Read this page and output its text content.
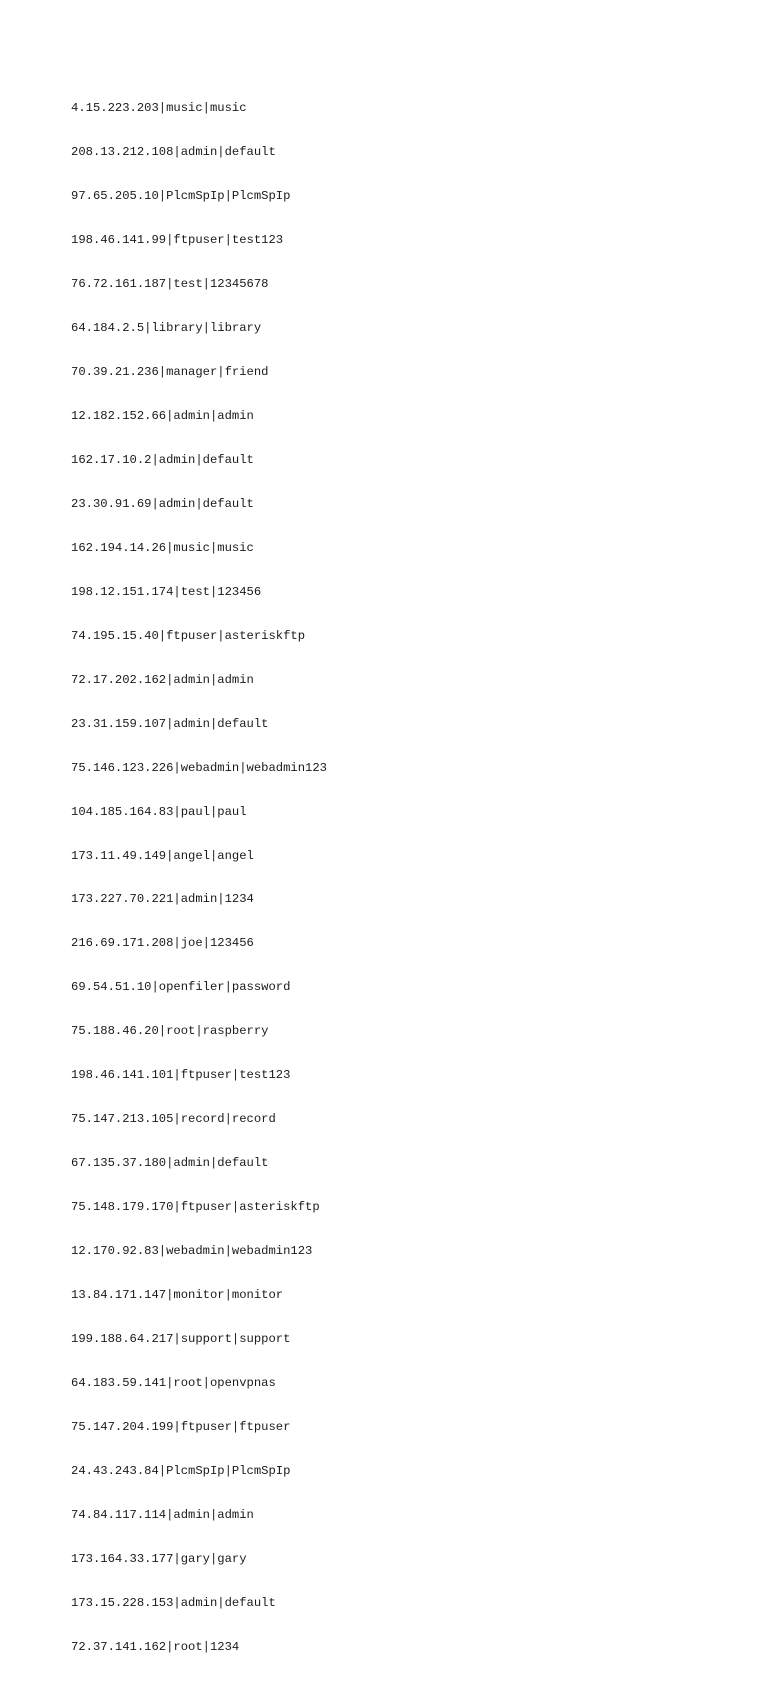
4.15.223.203|music|music

208.13.212.108|admin|default

97.65.205.10|PlcmSpIp|PlcmSpIp

198.46.141.99|ftpuser|test123

76.72.161.187|test|12345678

64.184.2.5|library|library

70.39.21.236|manager|friend

12.182.152.66|admin|admin

162.17.10.2|admin|default

23.30.91.69|admin|default

162.194.14.26|music|music

198.12.151.174|test|123456

74.195.15.40|ftpuser|asteriskftp

72.17.202.162|admin|admin

23.31.159.107|admin|default

75.146.123.226|webadmin|webadmin123

104.185.164.83|paul|paul

173.11.49.149|angel|angel

173.227.70.221|admin|1234

216.69.171.208|joe|123456

69.54.51.10|openfiler|password

75.188.46.20|root|raspberry

198.46.141.101|ftpuser|test123

75.147.213.105|record|record

67.135.37.180|admin|default

75.148.179.170|ftpuser|asteriskftp

12.170.92.83|webadmin|webadmin123

13.84.171.147|monitor|monitor

199.188.64.217|support|support

64.183.59.141|root|openvpnas

75.147.204.199|ftpuser|ftpuser

24.43.243.84|PlcmSpIp|PlcmSpIp

74.84.117.114|admin|admin

173.164.33.177|gary|gary

173.15.228.153|admin|default

72.37.141.162|root|1234
